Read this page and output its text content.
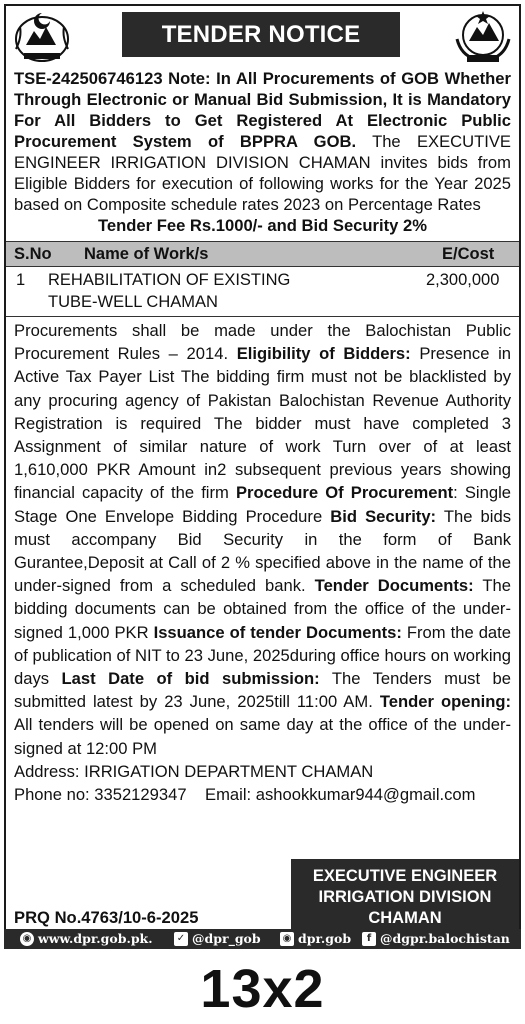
TENDER NOTICE
TSE-242506746123 Note: In All Procurements of GOB Whether Through Electronic or Manual Bid Submission, It is Mandatory For All Bidders to Get Registered At Electronic Public Procurement System of BPPRA GOB. The EXECUTIVE ENGINEER IRRIGATION DIVISION CHAMAN invites bids from Eligible Bidders for execution of following works for the Year 2025 based on Composite schedule rates 2023 on Percentage Rates
Tender Fee Rs.1000/- and Bid Security 2%
S.No Name of Work/s	E/Cost
1 REHABILITATION OF EXISTING
TUBE-WELL CHAMAN
2,300,000
Procurements shall be made under the Balochistan Public Procurement Rules – 2014. Eligibility of Bidders: Presence in Active Tax Payer List The bidding firm must not be blacklisted by any procuring agency of Pakistan Balochistan Revenue Authority Registration is required The bidder must have completed 3 Assignment of similar nature of work Turn over of at least 1,610,000 PKR Amount in2 subsequent previous years showing financial capacity of the firm Procedure Of Procurement: Single Stage One Envelope Bidding Procedure Bid Security: The bids must accompany Bid Security in the form of Bank Gurantee,Deposit at Call of 2 % specified above in the name of the under-signed from a scheduled bank. Tender Documents: The bidding documents can be obtained from the office of the under-signed 1,000 PKR Issuance of tender Documents: From the date of publication of NIT to 23 June, 2025during office hours on working days Last Date of bid submission: The Tenders must be submitted latest by 23 June, 2025till 11:00 AM. Tender opening: All tenders will be opened on same day at the office of the under-signed at 12:00 PM
Address: IRRIGATION DEPARTMENT CHAMAN
Phone no: 3352129347 Email: ashookkumar944@gmail.com
PRQ No.4763/10-6-2025
EXECUTIVE ENGINEER
IRRIGATION DIVISION
CHAMAN
◉ www.dpr.gob.pk. ✓ @dpr_gob ◉ dpr.gob	f @dgpr.balochistan
13x2
